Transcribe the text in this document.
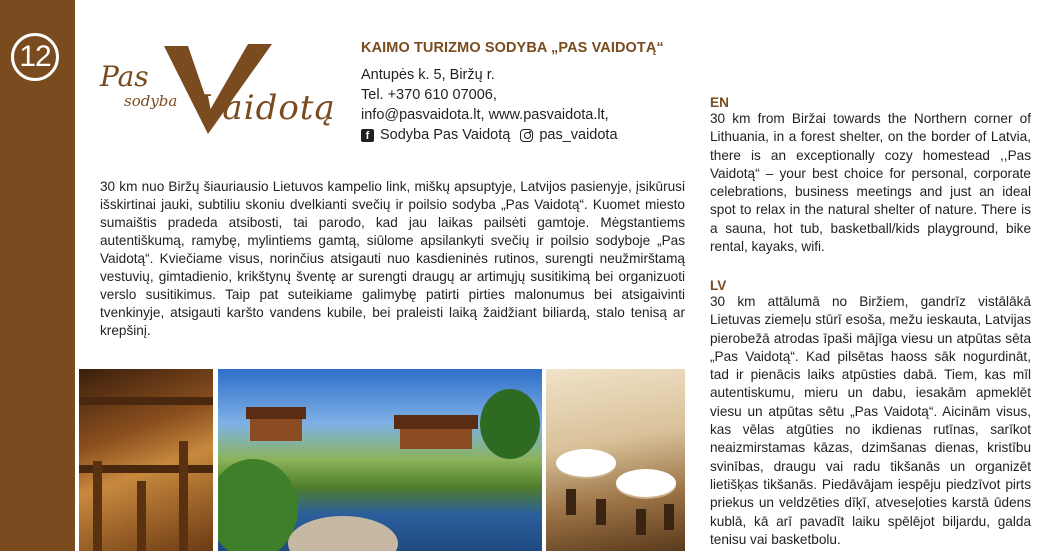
12
Pas
sodyba Vaidotą
KAIMO TURIZMO SODYBA „PAS VAIDOTĄ“
Antupės k. 5, Biržų r.
Tel. +370 610 07006,
info@pasvaidota.lt, www.pasvaidota.lt,
f Sodyba Pas Vaidotą pas_vaidota
30 km nuo Biržų šiauriausio Lietuvos kampelio link, miškų apsuptyje, Latvijos pasienyje, įsikūrusi išskirtinai jauki, subtiliu skoniu dvelkianti svečių ir poilsio sodyba „Pas Vaidotą“. Kuomet miesto sumaištis pradeda atsibosti, tai parodo, kad jau laikas pailsėti gamtoje. Mėgstantiems autentiškumą, ramybę, mylintiems gamtą, siūlome apsilankyti svečių ir poilsio sodyboje „Pas Vaidotą“. Kviečiame visus, norinčius atsigauti nuo kasdieninės rutinos, surengti neužmirštamą vestuvių, gimtadienio, krikštynų šventę ar surengti draugų ar artimųjų susitikimą bei organizuoti verslo susitikimus. Taip pat suteikiame galimybę patirti pirties malonumus bei atsigaivinti tvenkinyje, atsigauti karšto vandens kubile, bei praleisti laiką žaidžiant biliardą, stalo tenisą ar krepšinį.
EN
30 km from Biržai towards the Northern corner of Lithuania, in a forest shelter, on the border of Latvia, there is an exceptionally cozy homestead ,,Pas Vaidotą“ – your best choice for personal, corporate celebrations, business meetings and just an ideal spot to relax in the natural shelter of nature. There is a sauna, hot tub, basketball/kids playground, bike rental, kayaks, wifi.
LV
30 km attālumā no Biržiem, gandrīz vistālākā Lietuvas ziemeļu stūrī esoša, mežu ieskauta, Latvijas pierobežā atrodas īpaši mājīga viesu un atpūtas sēta „Pas Vaidotą“. Kad pilsētas haoss sāk nogurdināt, tad ir pienācis laiks atpūsties dabā. Tiem, kas mīl autentiskumu, mieru un dabu, iesakām apmeklēt viesu un atpūtas sētu „Pas Vaidotą“. Aicinām visus, kas vēlas atgūties no ikdienas rutīnas, sarīkot neaizmirstamas kāzas, dzimšanas dienas, kristību svinības, draugu vai radu tikšanās un organizēt lietišķas tikšanās. Piedāvājam iespēju piedzīvot pirts priekus un veldzēties dīķī, atveseļoties karstā ūdens kublā, kā arī pavadīt laiku spēlējot biljardu, galda tenisu vai basketbolu.
